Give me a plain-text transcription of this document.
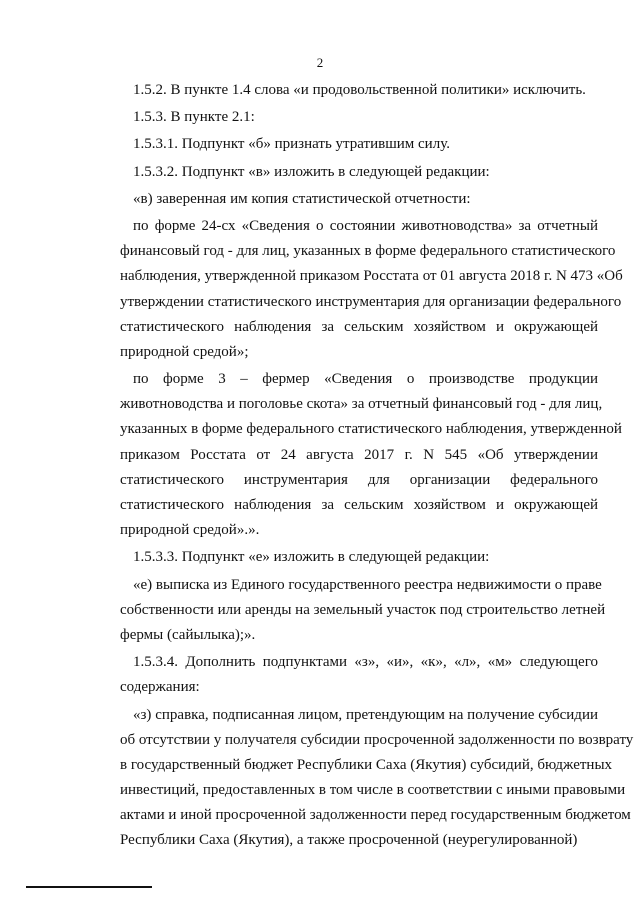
2
1.5.2. В пункте 1.4 слова «и продовольственной политики» исключить.
1.5.3. В пункте 2.1:
1.5.3.1. Подпункт «б» признать утратившим силу.
1.5.3.2. Подпункт «в» изложить в следующей редакции:
«в) заверенная им копия статистической отчетности:
по форме 24-сх «Сведения о состоянии животноводства» за отчетный
финансовый год - для лиц, указанных в форме федерального статистического
наблюдения, утвержденной приказом Росстата от 01 августа 2018 г. N 473 «Об
утверждении статистического инструментария для организации федерального
статистического наблюдения за сельским хозяйством и окружающей
природной средой»;
по форме 3 – фермер «Сведения о производстве продукции
животноводства и поголовье скота» за отчетный финансовый год - для лиц,
указанных в форме федерального статистического наблюдения, утвержденной
приказом Росстата от 24 августа 2017 г. N 545 «Об утверждении
статистического инструментария для организации федерального
статистического наблюдения за сельским хозяйством и окружающей
природной средой».».
1.5.3.3. Подпункт «е» изложить в следующей редакции:
«е) выписка из Единого государственного реестра недвижимости о праве
собственности или аренды на земельный участок под строительство летней
фермы (сайылыка);».
1.5.3.4. Дополнить подпунктами «з», «и», «к», «л», «м» следующего
содержания:
«з) справка, подписанная лицом, претендующим на получение субсидии
об отсутствии у получателя субсидии просроченной задолженности по возврату
в государственный бюджет Республики Саха (Якутия) субсидий, бюджетных
инвестиций, предоставленных в том числе в соответствии с иными правовыми
актами и иной просроченной задолженности перед государственным бюджетом
Республики Саха (Якутия), а также просроченной (неурегулированной)
